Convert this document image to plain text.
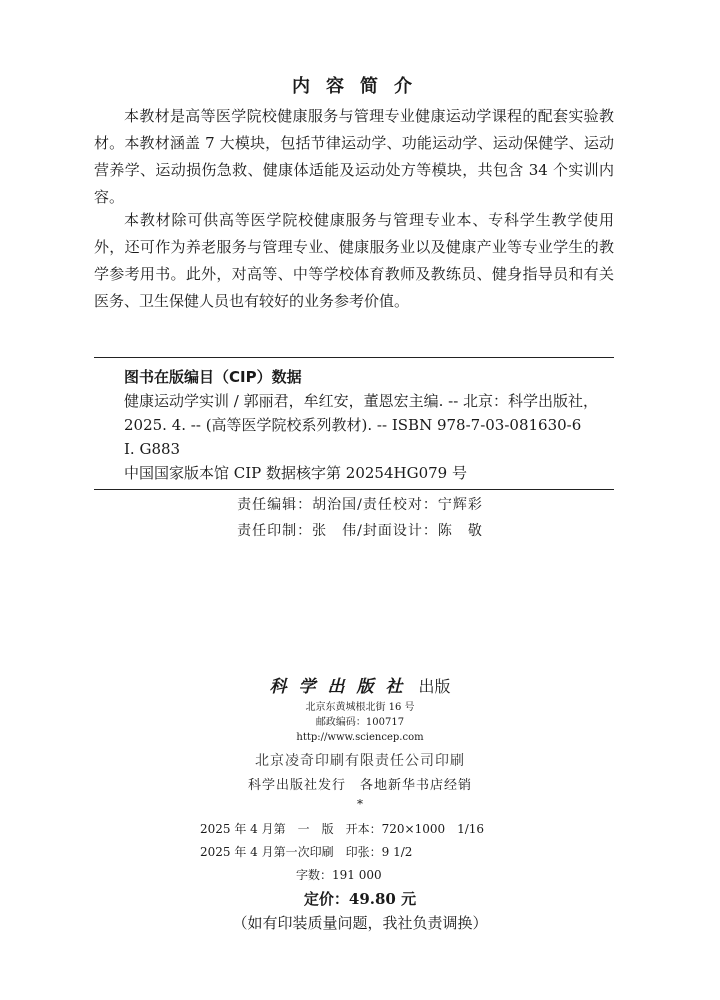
内容简介

本教材是高等医学院校健康服务与管理专业健康运动学课程的配套实验教材。本教材涵盖 7 大模块，包括节律运动学、功能运动学、运动保健学、运动营养学、运动损伤急救、健康体适能及运动处方等模块，共包含 34 个实训内容。

本教材除可供高等医学院校健康服务与管理专业本、专科学生教学使用外，还可作为养老服务与管理专业、健康服务业以及健康产业等专业学生的教学参考用书。此外，对高等、中等学校体育教师及教练员、健身指导员和有关医务、卫生保健人员也有较好的业务参考价值。

图书在版编目（CIP）数据

健康运动学实训 / 郭丽君，牟红安，董恩宏主编. -- 北京：科学出版社，2025. 4. -- (高等医学院校系列教材). -- ISBN 978-7-03-081630-6

Ⅰ. G883

中国国家版本馆 CIP 数据核字第 20254HG079 号

责任编辑：胡治国/责任校对：宁辉彩

责任印制：张　伟/封面设计：陈　敬

科学出版社 出版

北京东黄城根北街 16 号

邮政编码：100717

http://www.sciencep.com

北京凌奇印刷有限责任公司印刷
科学出版社发行　各地新华书店经销
*

2025 年 4 月第　一　版　开本：720×1000　1/16

2025 年 4 月第一次印刷　印张：9 1/2

字数：191 000

定价：49.80 元
（如有印装质量问题，我社负责调换）
